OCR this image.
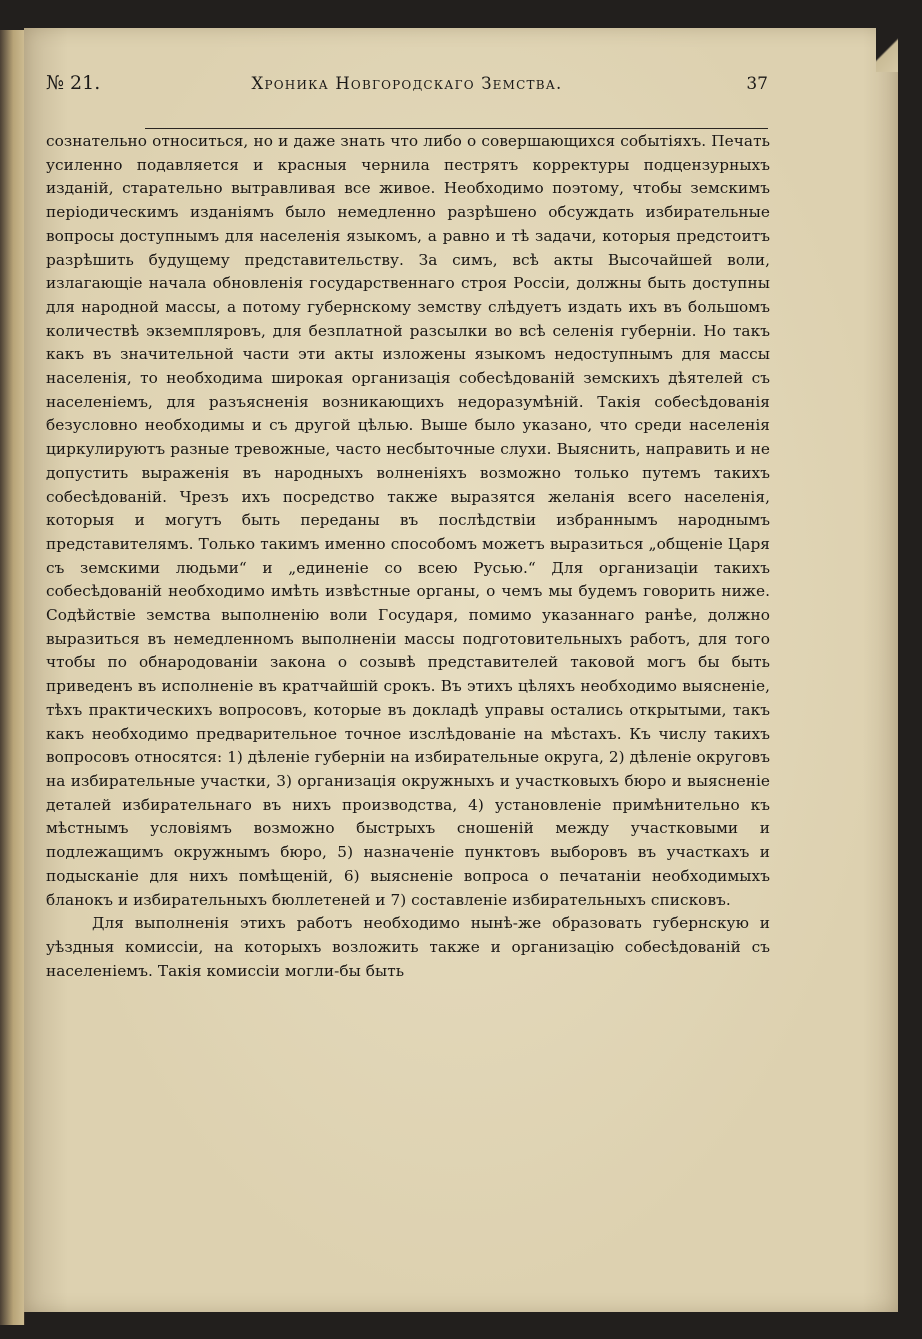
№ 21.	Хроника Новгородскаго Земства.	37

сознательно относиться, но и даже знать что либо о совершающихся событiяхъ. Печать усиленно подавляется и красныя чернила пестрятъ корректуры подцензурныхъ изданiй, старательно вытравливая все живое. Необходимо поэтому, чтобы земскимъ перiодическимъ изданiямъ было немедленно разрѣшено обсуждать избирательные вопросы доступнымъ для населенiя языкомъ, а равно и тѣ задачи, которыя предстоитъ разрѣшить будущему представительству. За симъ, всѣ акты Высочайшей воли, излагающiе начала обновленiя государственнаго строя Россiи, должны быть доступны для народной массы, а потому губернскому земству слѣдуетъ издать ихъ въ большомъ количествѣ экземпляровъ, для безплатной разсылки во всѣ селенiя губернiи. Но такъ какъ въ значительной части эти акты изложены языкомъ недоступнымъ для массы населенiя, то необходима широкая организацiя собесѣдованiй земскихъ дѣятелей съ населенiемъ, для разъясненiя возникающихъ недоразумѣнiй. Такiя собесѣдованiя безусловно необходимы и съ другой цѣлью. Выше было указано, что среди населенiя циркулируютъ разные тревожные, часто несбыточные слухи. Выяснить, направить и не допустить выраженiя въ народныхъ волненiяхъ возможно только путемъ такихъ собесѣдованiй. Чрезъ ихъ посредство также выразятся желанiя всего населенiя, которыя и могутъ быть переданы въ послѣдствiи избраннымъ народнымъ представителямъ. Только такимъ именно способомъ можетъ выразиться „общенiе Царя съ земскими людьми“ и „единенiе со всею Русью.“ Для организацiи такихъ собесѣдованiй необходимо имѣть извѣстные органы, о чемъ мы будемъ говорить ниже. Содѣйствiе земства выполненiю воли Государя, помимо указаннаго ранѣе, должно выразиться въ немедленномъ выполненiи массы подготовительныхъ работъ, для того чтобы по обнародованiи закона о созывѣ представителей таковой могъ бы быть приведенъ въ исполненiе въ кратчайшiй срокъ. Въ этихъ цѣляхъ необходимо выясненiе, тѣхъ практическихъ вопросовъ, которые въ докладѣ управы остались открытыми, такъ какъ необходимо предварительное точное изслѣдованiе на мѣстахъ. Къ числу такихъ вопросовъ относятся: 1) дѣленiе губернiи на избирательные округа, 2) дѣленiе округовъ на избирательные участки, 3) организацiя окружныхъ и участковыхъ бюро и выясненiе деталей избирательнаго въ нихъ производства, 4) установленiе примѣнительно къ мѣстнымъ условiямъ возможно быстрыхъ сношенiй между участковыми и подлежащимъ окружнымъ бюро, 5) назначенiе пунктовъ выборовъ въ участкахъ и подысканiе для нихъ помѣщенiй, 6) выясненiе вопроса о печатанiи необходимыхъ бланокъ и избирательныхъ бюллетеней и 7) составленiе избирательныхъ списковъ.

Для выполненiя этихъ работъ необходимо нынѣ-же образовать губернскую и уѣздныя комиссiи, на которыхъ возложить также и организацiю собесѣдованiй съ населенiемъ. Такiя комиссiи могли-бы быть
